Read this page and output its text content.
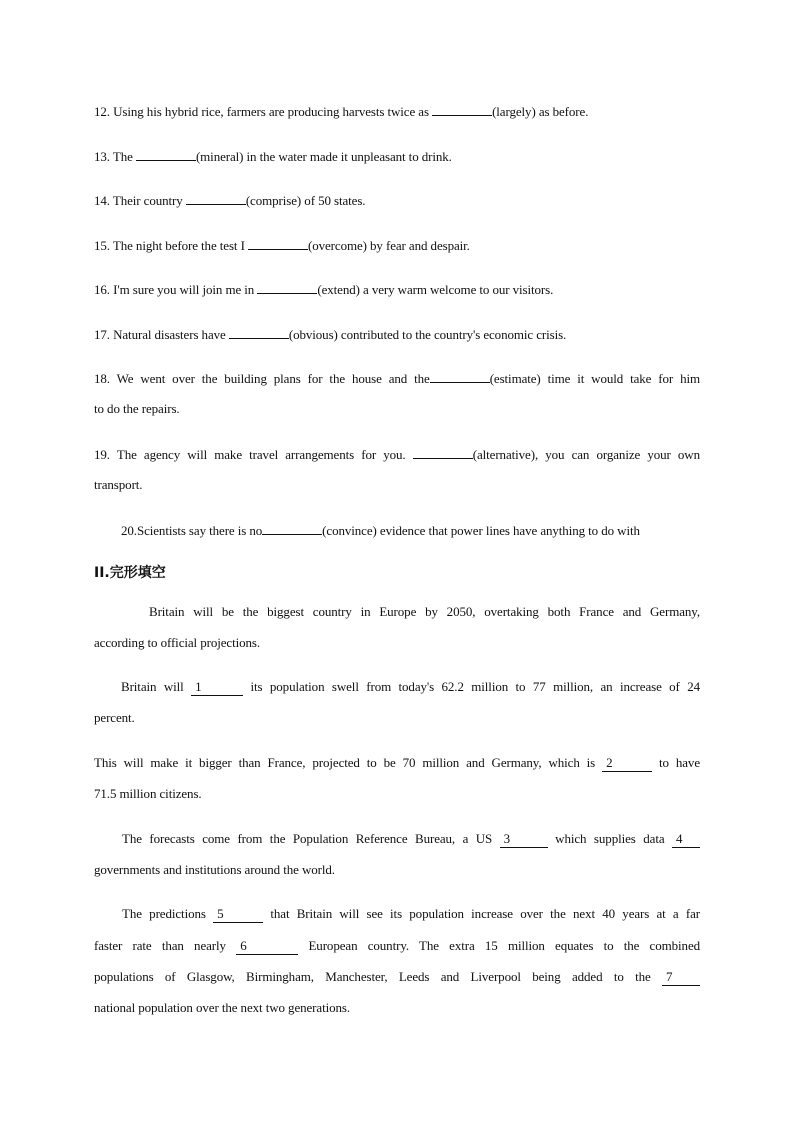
12. Using his hybrid rice, farmers are producing harvests twice as	(largely) as before.
13. The	(mineral) in the water made it unpleasant to drink.
14. Their country	(comprise) of 50 states.
15. The night before the test I	(overcome) by fear and despair.
16. I'm sure you will join me in	(extend) a very warm welcome to our visitors.
17. Natural disasters have	(obvious) contributed to the country's economic crisis.
18. We went over the building plans for the house and the	(estimate) time it would take for him
to do the repairs.
19. The agency will make travel arrangements for you.	(alternative), you can organize your own
transport.
20.Scientists say there is no	(convince) evidence that power lines have anything to do with
II.完形填空
Britain will be the biggest country in Europe by 2050, overtaking both France and Germany,
according to official projections.
Britain will 1	its population swell from today's 62.2 million to 77 million, an increase of 24
percent.
This will make it bigger than France, projected to be 70 million and Germany, which is 2	to have
71.5 million citizens.
The forecasts come from the Population Reference Bureau, a US 3	which supplies data 4
governments and institutions around the world.
The predictions 5	that Britain will see its population increase over the next 40 years at a far
faster rate than nearly 6	European country. The extra 15 million equates to the combined
populations of Glasgow, Birmingham, Manchester, Leeds and Liverpool being added to the 7
national population over the next two generations.
